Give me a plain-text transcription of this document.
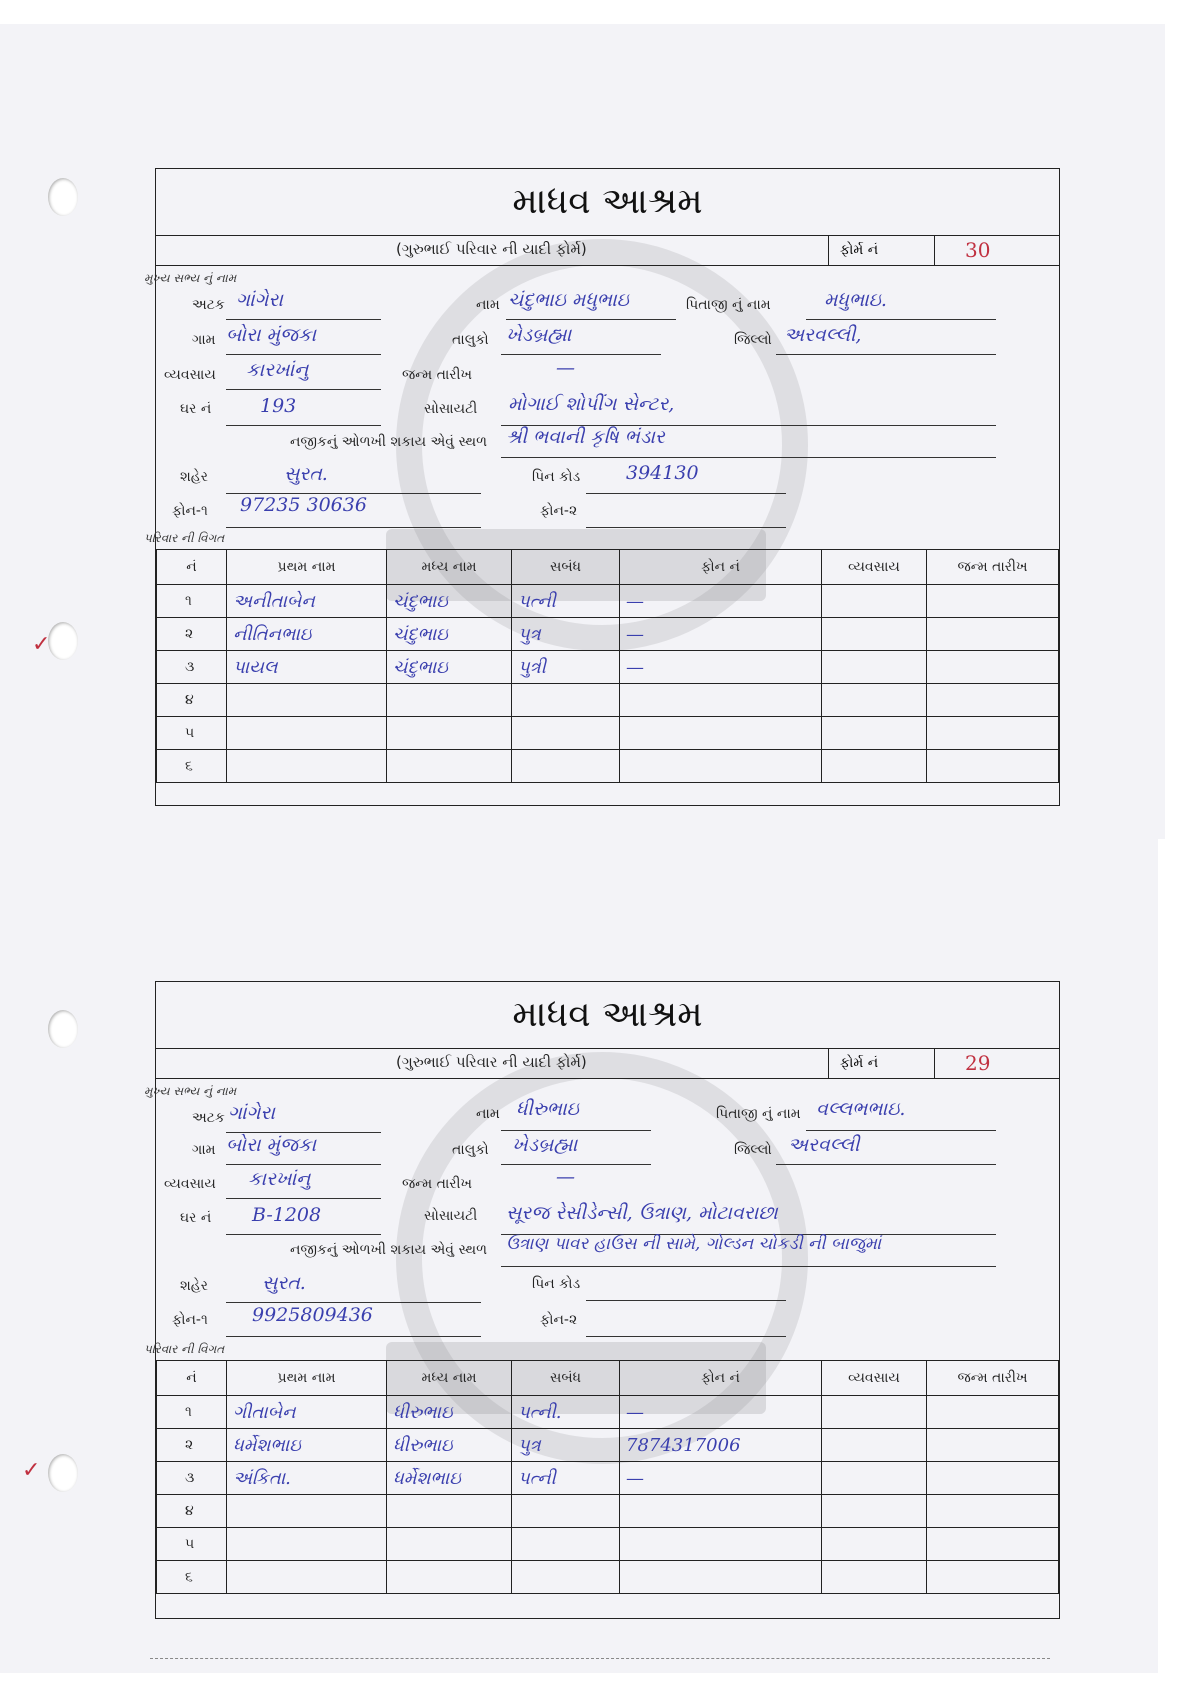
✓
✓
માધવ આશ્રમ
(ગુરુભાઈ પરિવાર ની યાદી ફોર્મ)	ફોર્મ નં	30
મુખ્ય સભ્ય નું નામ
અટક ગાંગેરા	નામ ચંદુભાઇ મધુભાઇ	પિતાજી નું નામ	મધુભાઇ.
ગામ બોરા મુંજકા	તાલુકો ખેડબ્રહ્મા	જિલ્લો અરવલ્લી,
વ્યવસાય કારખાંનુ	જન્મ તારીખ	—
ઘર નં	193	સોસાયટી મોગાઈ શોપીંગ સેન્ટર,
નજીકનું ઓળખી શકાય એવું સ્થળ શ્રી ભવાની કૃષિ ભંડાર
શહેર	સુરત.	પિન કોડ 394130
ફોન-૧ 97235 30636	ફોન-૨
પરિવાર ની વિગત
નં	પ્રથમ નામ	મધ્ય નામ	સબંધ	ફોન નં	વ્યવસાય	જન્મ તારીખ
૧	અનીતાબેન	ચંદુભાઇ	પત્ની	—		
૨	નીતિનભાઇ	ચંદુભાઇ	પુત્ર	—		
૩	પાયલ	ચંદુભાઇ	પુત્રી	—		
૪						
૫						
૬						
માધવ આશ્રમ
(ગુરુભાઈ પરિવાર ની યાદી ફોર્મ)	ફોર્મ નં	29
મુખ્ય સભ્ય નું નામ
અટક ગાંગેરા	નામ ધીરુભાઇ	પિતાજી નું નામ વલ્લભભાઇ.
ગામ બોરા મુંજકા	તાલુકો ખેડબ્રહ્મા	જિલ્લો અરવલ્લી
વ્યવસાય કારખાંનુ	જન્મ તારીખ	—
ઘર નં B-1208	સોસાયટી સૂરજ રેસીડેન્સી, ઉત્રાણ, મોટાવરાછા
નજીકનું ઓળખી શકાય એવું સ્થળ ઉત્રાણ પાવર હાઉસ ની સામે, ગોલ્ડન ચોકડી ની બાજુમાં
શહેર	સુરત.	પિન કોડ
ફોન-૧ 9925809436	ફોન-૨
પરિવાર ની વિગત
નં	પ્રથમ નામ	મધ્ય નામ	સબંધ	ફોન નં	વ્યવસાય	જન્મ તારીખ
૧	ગીતાબેન	ધીરુભાઇ	પત્ની.	—		
૨	ધર્મેશભાઇ	ધીરુભાઇ	પુત્ર	7874317006		
૩	અંકિતા.	ધર્મેશભાઇ	પત્ની	—		
૪						
૫						
૬						
